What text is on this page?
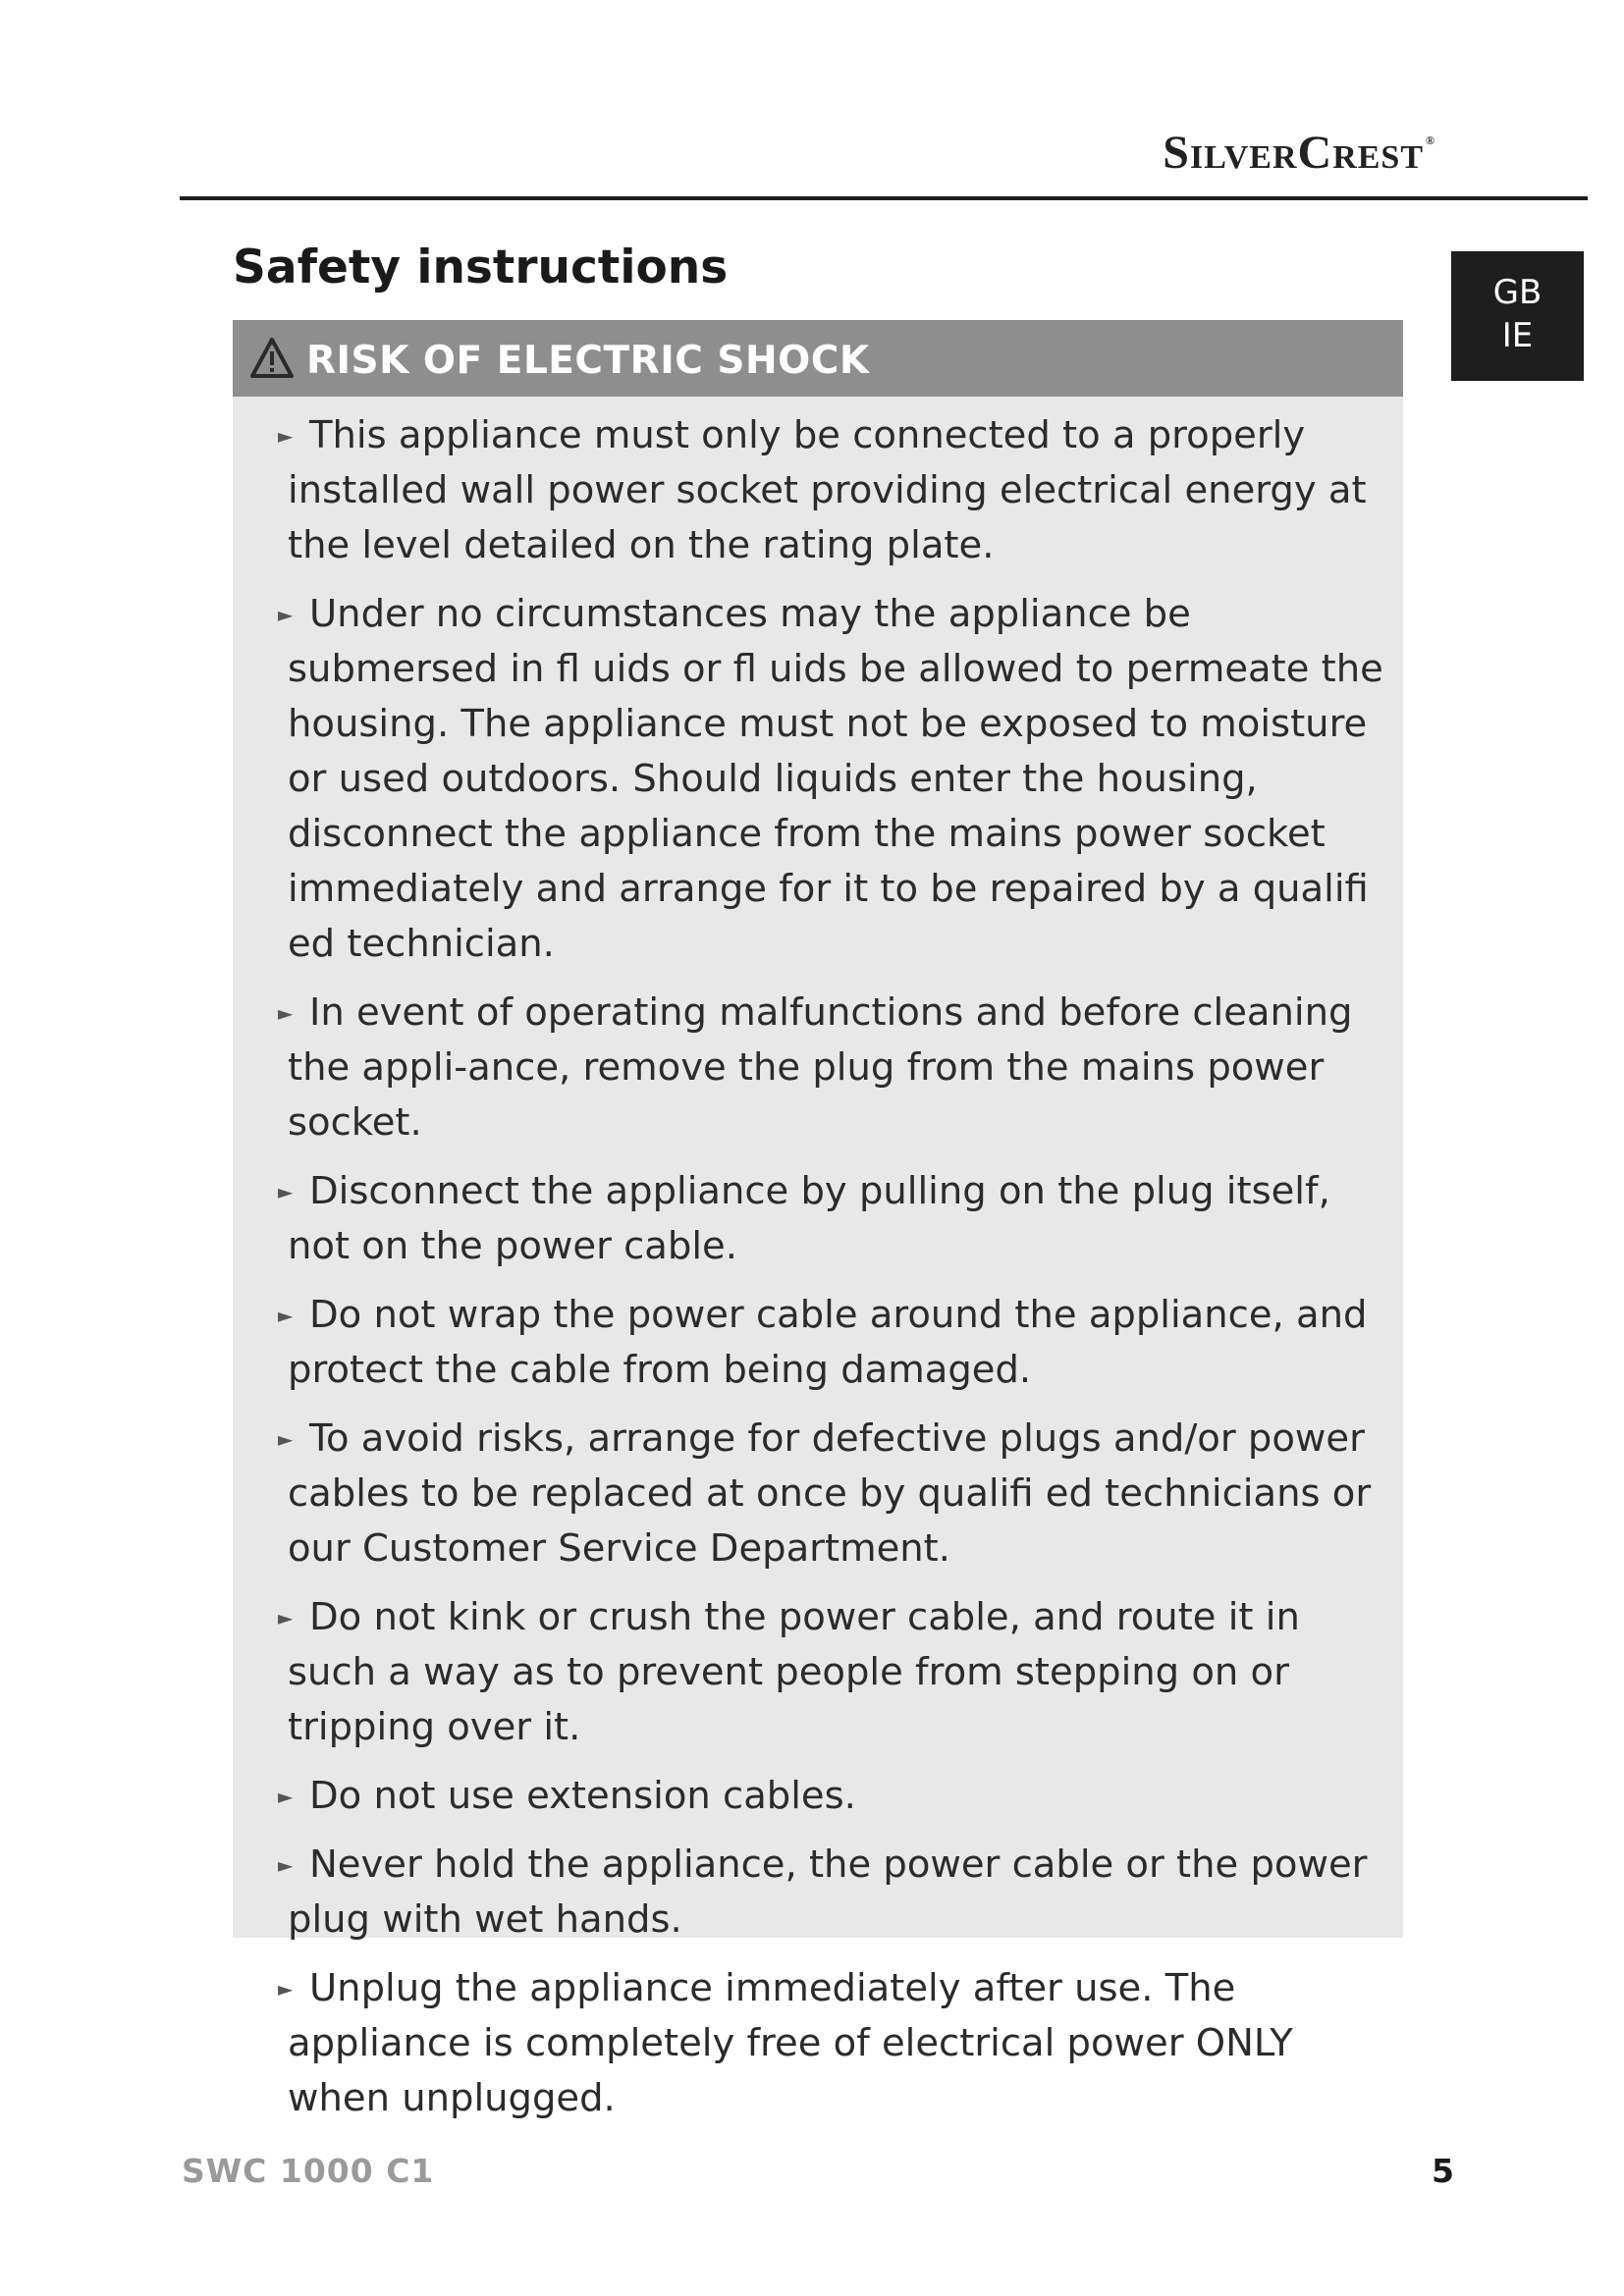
SilverCrest ®
GB
IE
Safety instructions
RISK OF ELECTRIC SHOCK
► This appliance must only be connected to a properly installed wall power socket providing electrical energy at the level detailed on the rating plate.
► Under no circumstances may the appliance be submersed in fl uids or fl uids be allowed to permeate the housing. The appliance must not be exposed to moisture or used outdoors. Should liquids enter the housing, disconnect the appliance from the mains power socket immediately and arrange for it to be repaired by a qualifi ed technician.
► In event of operating malfunctions and before cleaning the appli-ance, remove the plug from the mains power socket.
► Disconnect the appliance by pulling on the plug itself, not on the power cable.
► Do not wrap the power cable around the appliance, and protect the cable from being damaged.
► To avoid risks, arrange for defective plugs and/or power cables to be replaced at once by qualifi ed technicians or our Customer Service Department.
► Do not kink or crush the power cable, and route it in such a way as to prevent people from stepping on or tripping over it.
► Do not use extension cables.
► Never hold the appliance, the power cable or the power plug with wet hands.
► Unplug the appliance immediately after use. The appliance is completely free of electrical power ONLY when unplugged.
SWC 1000 C1	5
